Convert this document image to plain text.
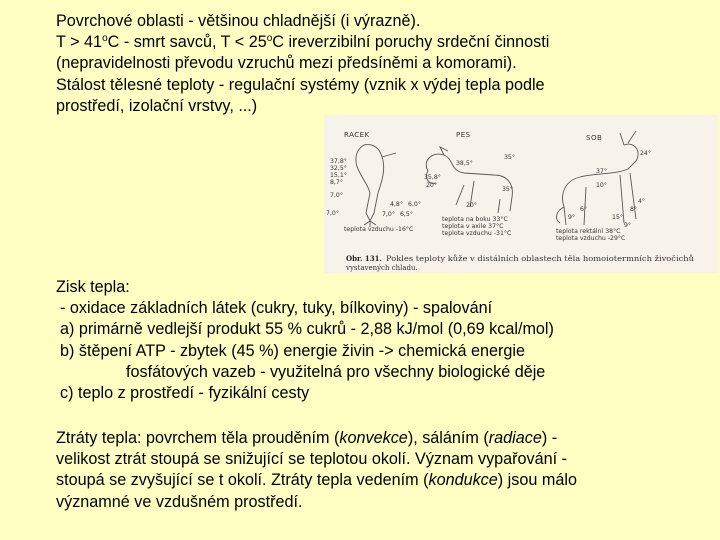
Povrchové oblasti - většinou chladnější (i výrazně).
$T > 41^oC$ - smrt savců, $T < 25^oC$ ireverzibilní poruchy srdeční činnosti
(nepravidelnosti převodu vzruchů mezi předsíněmi a komorami).
Stálost tělesné teploty - regulační systémy (vznik x výdej tepla podle
prostředí, izolační vrstvy, ...)
RACEK	PES	SOB
37,8°
32,5°
15,1°
8,7°
7,0°
4,8° 6,0°
7,0°	7,0° 6,5°
teplota vzduchu -16°C
35°
38,5°
35,8°
20°
35°
20°
teplota na boku 33°C
teplota v axile 37°C
teplota vzduchu -31°C
24°
37°
10°
9°
8°
15°
9°
4°
6°
teplota rektální 38°C
teplota vzduchu -29°C
Obr. 131. Pokles teploty kůže v distálních oblastech těla homoiotermních živočichů
vystavených chladu.
Zisk tepla:
- oxidace základních látek (cukry, tuky, bílkoviny) - spalování
a) primárně vedlejší produkt 55 % cukrů - 2,88 kJ/mol (0,69 kcal/mol)
b) štěpení ATP - zbytek (45 %) energie živin -> chemická energie
fosfátových vazeb - využitelná pro všechny biologické děje
c) teplo z prostředí - fyzikální cesty
Ztráty tepla: povrchem těla prouděním (konvekce), sáláním (radiace) -
velikost ztrát stoupá se snižující se teplotou okolí. Význam vypařování -
stoupá se zvyšující se t okolí. Ztráty tepla vedením (kondukce) jsou málo
významné ve vzdušném prostředí.
